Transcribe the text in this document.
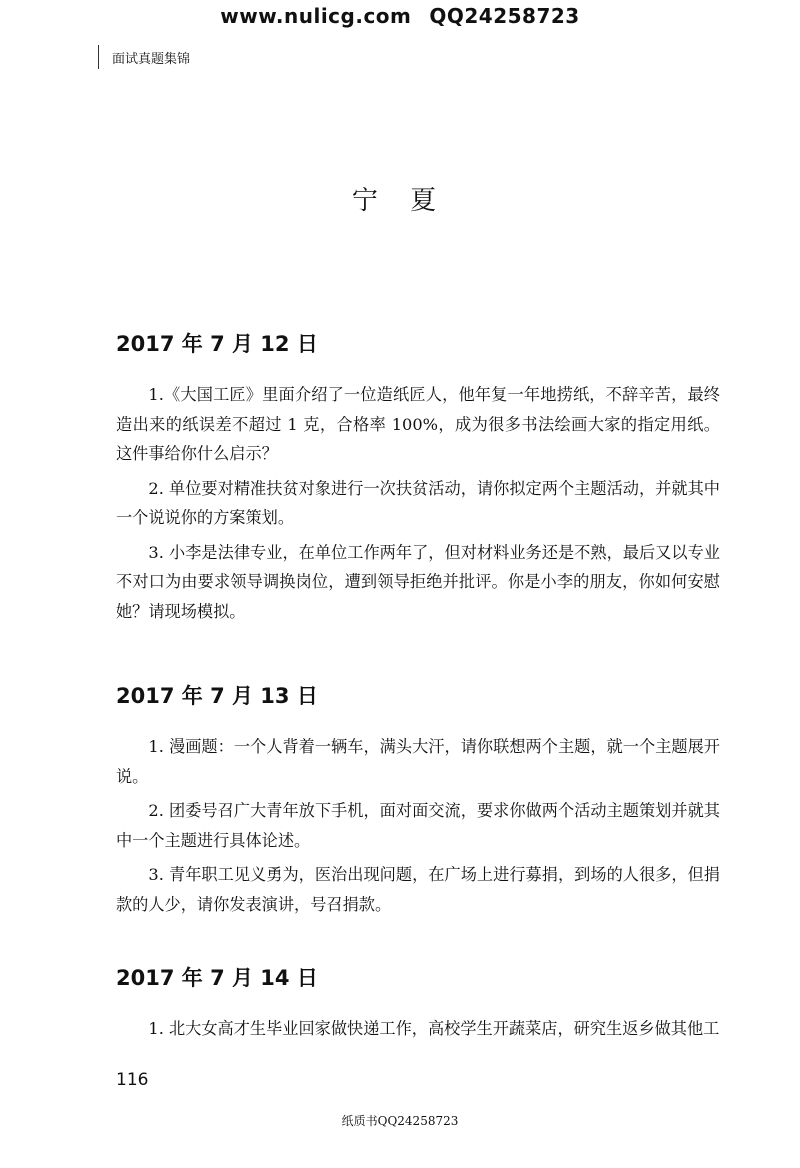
www.nulicg.com QQ24258723
面试真题集锦
宁 夏
2017 年 7 月 12 日
1.《大国工匠》里面介绍了一位造纸匠人，他年复一年地捞纸，不辞辛苦，最终造出来的纸误差不超过 1 克，合格率 100%，成为很多书法绘画大家的指定用纸。这件事给你什么启示？
2. 单位要对精准扶贫对象进行一次扶贫活动，请你拟定两个主题活动，并就其中一个说说你的方案策划。
3. 小李是法律专业，在单位工作两年了，但对材料业务还是不熟，最后又以专业不对口为由要求领导调换岗位，遭到领导拒绝并批评。你是小李的朋友，你如何安慰她？请现场模拟。
2017 年 7 月 13 日
1. 漫画题：一个人背着一辆车，满头大汗，请你联想两个主题，就一个主题展开说。
2. 团委号召广大青年放下手机，面对面交流，要求你做两个活动主题策划并就其中一个主题进行具体论述。
3. 青年职工见义勇为，医治出现问题，在广场上进行募捐，到场的人很多，但捐款的人少，请你发表演讲，号召捐款。
2017 年 7 月 14 日
1. 北大女高才生毕业回家做快递工作，高校学生开蔬菜店，研究生返乡做其他工
116
纸质书QQ24258723
